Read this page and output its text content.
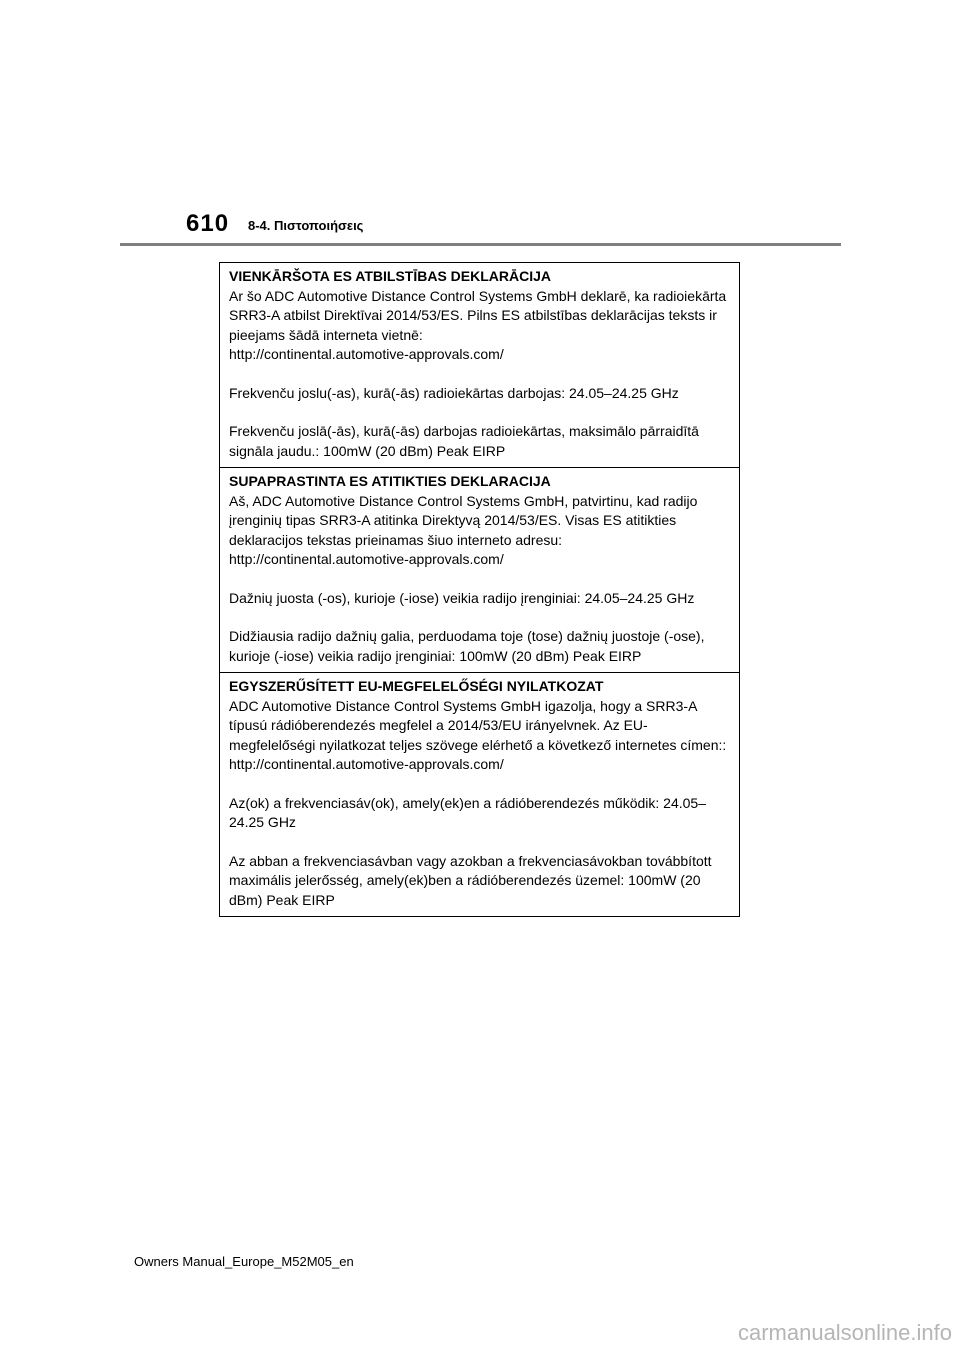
610 8-4. Πιστοποιήσεις

VIENKĀRŠOTA ES ATBILSTĪBAS DEKLARĀCIJA
Ar šo ADC Automotive Distance Control Systems GmbH deklarē, ka radioiekārta SRR3-A atbilst Direktīvai 2014/53/ES. Pilns ES atbilstības deklarācijas teksts ir pieejams šādā interneta vietnē:
http://continental.automotive-approvals.com/

Frekvenču joslu(-as), kurā(-ās) radioiekārtas darbojas: 24.05–24.25 GHz

Frekvenču joslā(-ās), kurā(-ās) darbojas radioiekārtas, maksimālo pārraidītā signāla jaudu.: 100mW (20 dBm) Peak EIRP

SUPAPRASTINTA ES ATITIKTIES DEKLARACIJA
Aš, ADC Automotive Distance Control Systems GmbH, patvirtinu, kad radijo įrenginių tipas SRR3-A atitinka Direktyvą 2014/53/ES. Visas ES atitikties deklaracijos tekstas prieinamas šiuo interneto adresu:
http://continental.automotive-approvals.com/

Dažnių juosta (-os), kurioje (-iose) veikia radijo įrenginiai: 24.05–24.25 GHz

Didžiausia radijo dažnių galia, perduodama toje (tose) dažnių juostoje (-ose), kurioje (-iose) veikia radijo įrenginiai: 100mW (20 dBm) Peak EIRP

EGYSZERŰSÍTETT EU-MEGFELELŐSÉGI NYILATKOZAT
ADC Automotive Distance Control Systems GmbH igazolja, hogy a SRR3-A típusú rádióberendezés megfelel a 2014/53/EU irányelvnek. Az EU-megfelelőségi nyilatkozat teljes szövege elérhető a következő internetes címen::
http://continental.automotive-approvals.com/

Az(ok) a frekvenciasáv(ok), amely(ek)en a rádióberendezés működik: 24.05–24.25 GHz

Az abban a frekvenciasávban vagy azokban a frekvenciasávokban továbbított maximális jelerősség, amely(ek)ben a rádióberendezés üzemel: 100mW (20 dBm) Peak EIRP

Owners Manual_Europe_M52M05_en
carmanualsonline.info
